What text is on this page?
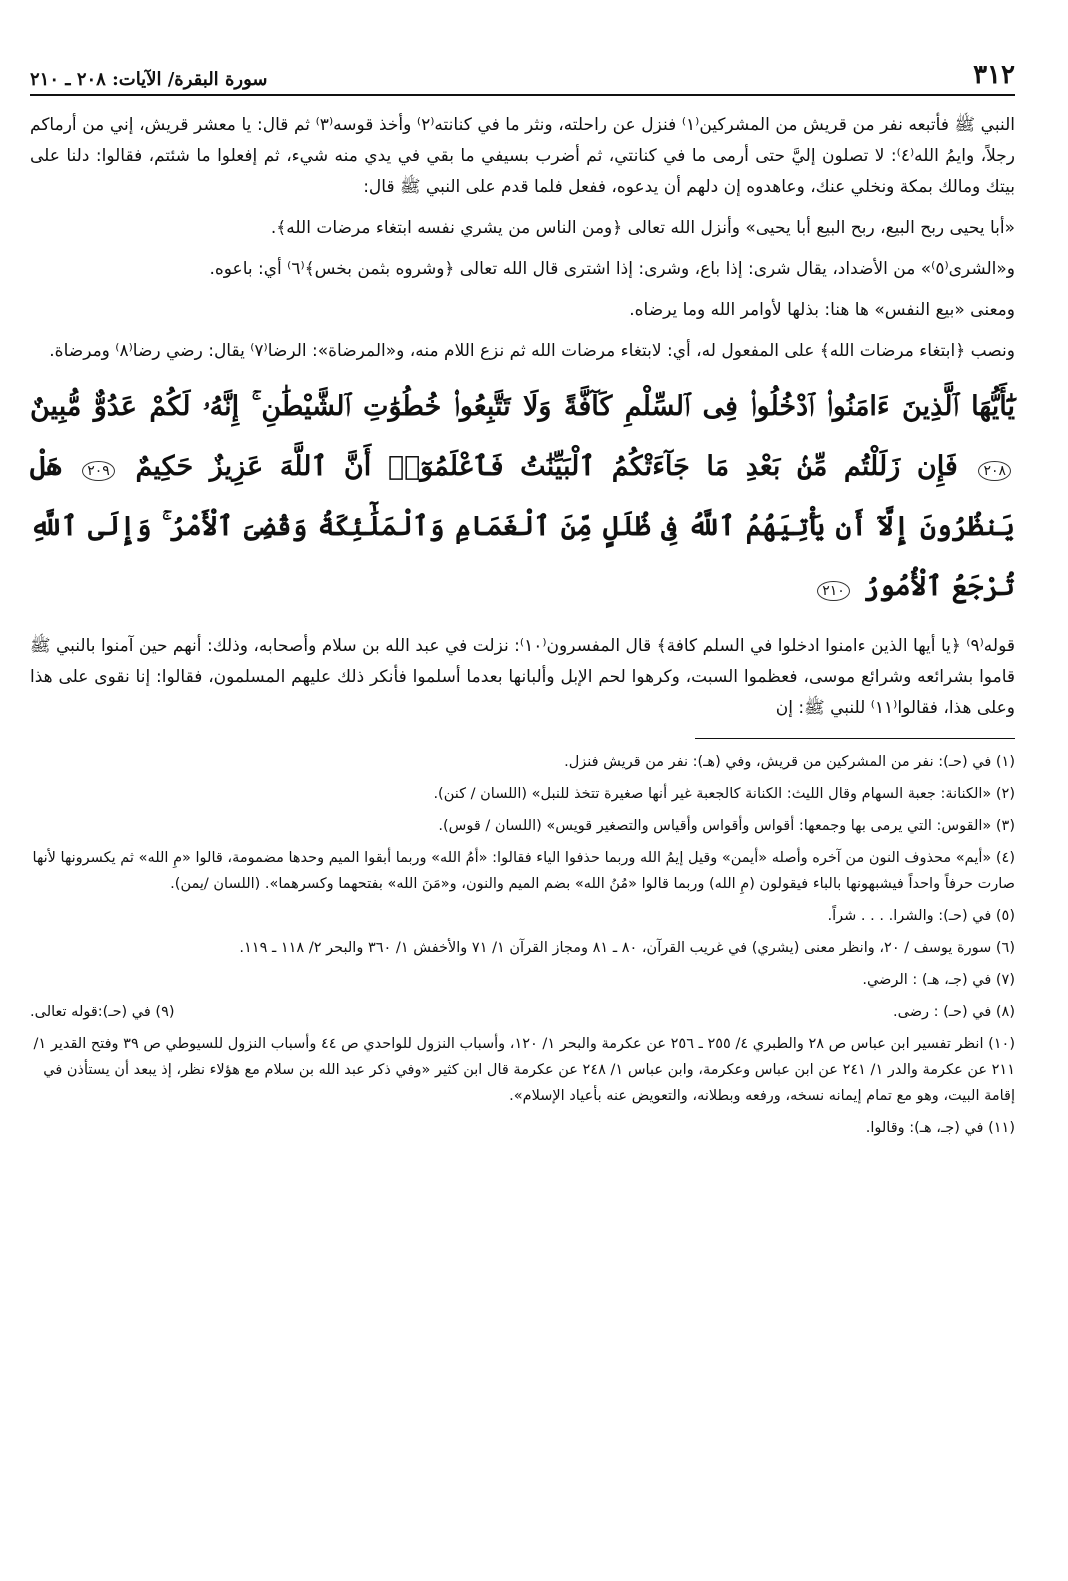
٣١٢
سورة البقرة/ الآيات: ٢٠٨ ـ ٢١٠

النبي ﷺ فأتبعه نفر من قريش من المشركين⁽١⁾ فنزل عن راحلته، ونثر ما في كنانته⁽٢⁾ وأخذ قوسه⁽٣⁾ ثم قال: يا معشر قريش، إني من أرماكم رجلاً، وايمُ الله⁽٤⁾: لا تصلون إليَّ حتى أرمى ما في كنانتي، ثم أضرب بسيفي ما بقي في يدي منه شيء، ثم إفعلوا ما شئتم، فقالوا: دلنا على بيتك ومالك بمكة ونخلي عنك، وعاهدوه إن دلهم أن يدعوه، ففعل فلما قدم على النبي ﷺ قال:

«أبا يحيى ربح البيع، ربح البيع أبا يحيى» وأنزل الله تعالى ﴿ومن الناس من يشري نفسه ابتغاء مرضات الله﴾.

و«الشرى⁽٥⁾» من الأضداد، يقال شرى: إذا باع، وشرى: إذا اشترى قال الله تعالى ﴿وشروه بثمن بخس﴾⁽٦⁾ أي: باعوه.

ومعنى «بيع النفس» ها هنا: بذلها لأوامر الله وما يرضاه.

ونصب ﴿ابتغاء مرضات الله﴾ على المفعول له، أي: لابتغاء مرضات الله ثم نزع اللام منه، و«المرضاة»: الرضا⁽٧⁾ يقال: رضي رضا⁽٨⁾ ومرضاة.

يَٰٓأَيُّهَا ٱلَّذِينَ ءَامَنُوا۟ ٱدْخُلُوا۟ فِى ٱلسِّلْمِ كَآفَّةً وَلَا تَتَّبِعُوا۟ خُطُوَٰتِ ٱلشَّيْطَٰنِ ۚ إِنَّهُۥ لَكُمْ عَدُوٌّ مُّبِينٌ ٢٠٨ فَإِن زَلَلْتُم مِّنۢ بَعْدِ مَا جَآءَتْكُمُ ٱلْبَيِّنَٰتُ فَٱعْلَمُوٓا۟ أَنَّ ٱللَّهَ عَزِيزٌ حَكِيمٌ ٢٠٩ هَلْ يَنظُرُونَ إِلَّآ أَن يَأْتِيَهُمُ ٱللَّهُ فِى ظُلَلٍ مِّنَ ٱلْغَمَامِ وَٱلْمَلَٰٓئِكَةُ وَقُضِىَ ٱلْأَمْرُ ۚ وَإِلَى ٱللَّهِ تُرْجَعُ ٱلْأُمُورُ ٢١٠

قوله⁽٩⁾ ﴿يا أيها الذين ءامنوا ادخلوا في السلم كافة﴾ قال المفسرون⁽١٠⁾: نزلت في عبد الله بن سلام وأصحابه، وذلك: أنهم حين آمنوا بالنبي ﷺ قاموا بشرائعه وشرائع موسى، فعظموا السبت، وكرهوا لحم الإبل وألبانها بعدما أسلموا فأنكر ذلك عليهم المسلمون، فقالوا: إنا نقوى على هذا وعلى هذا، فقالوا⁽١١⁾ للنبي ﷺ: إن

(١) في (حـ): نفر من المشركين من قريش، وفي (هـ): نفر من قريش فنزل.
(٢) «الكنانة: جعبة السهام وقال الليث: الكنانة كالجعبة غير أنها صغيرة تتخذ للنبل» (اللسان / كنن).
(٣) «القوس: التي يرمى بها وجمعها: أقواس وأقواس وأقياس والتصغير قويس» (اللسان / قوس).
(٤) «أيم» محذوف النون من آخره وأصله «أيمن» وقيل إيمُ الله وربما حذفوا الياء فقالوا: «أمُ الله» وربما أبقوا الميم وحدها مضمومة، قالوا «مِ الله» ثم يكسرونها لأنها صارت حرفاً واحداً فيشبهونها بالباء فيقولون (مِ الله) وربما قالوا «مُنُ الله» بضم الميم والنون، و«مَنَ الله» بفتحهما وكسرهما». (اللسان /يمن).
(٥) في (حـ): والشرا. . . . شراً.
(٦) سورة يوسف / ٢٠، وانظر معنى (يشري) في غريب القرآن، ٨٠ ـ ٨١ ومجاز القرآن ١/ ٧١ والأخفش ١/ ٣٦٠ والبحر ٢/ ١١٨ ـ ١١٩.
(٧) في (جـ، هـ) : الرضي.
(٨) في (حـ) : رضى.
(٩) في (حـ):قوله تعالى.
(١٠) انظر تفسير ابن عباس ص ٢٨ والطبري ٤/ ٢٥٥ ـ ٢٥٦ عن عكرمة والبحر ١/ ١٢٠، وأسباب النزول للواحدي ص ٤٤ وأسباب النزول للسيوطي ص ٣٩ وفتح القدير ١/ ٢١١ عن عكرمة والدر ١/ ٢٤١ عن ابن عباس وعكرمة، وابن عباس ١/ ٢٤٨ عن عكرمة قال ابن كثير «وفي ذكر عبد الله بن سلام مع هؤلاء نظر، إذ يبعد أن يستأذن في إقامة البيت، وهو مع تمام إيمانه نسخه، ورفعه وبطلانه، والتعويض عنه بأعياد الإسلام».
(١١) في (جـ، هـ): وقالوا.
